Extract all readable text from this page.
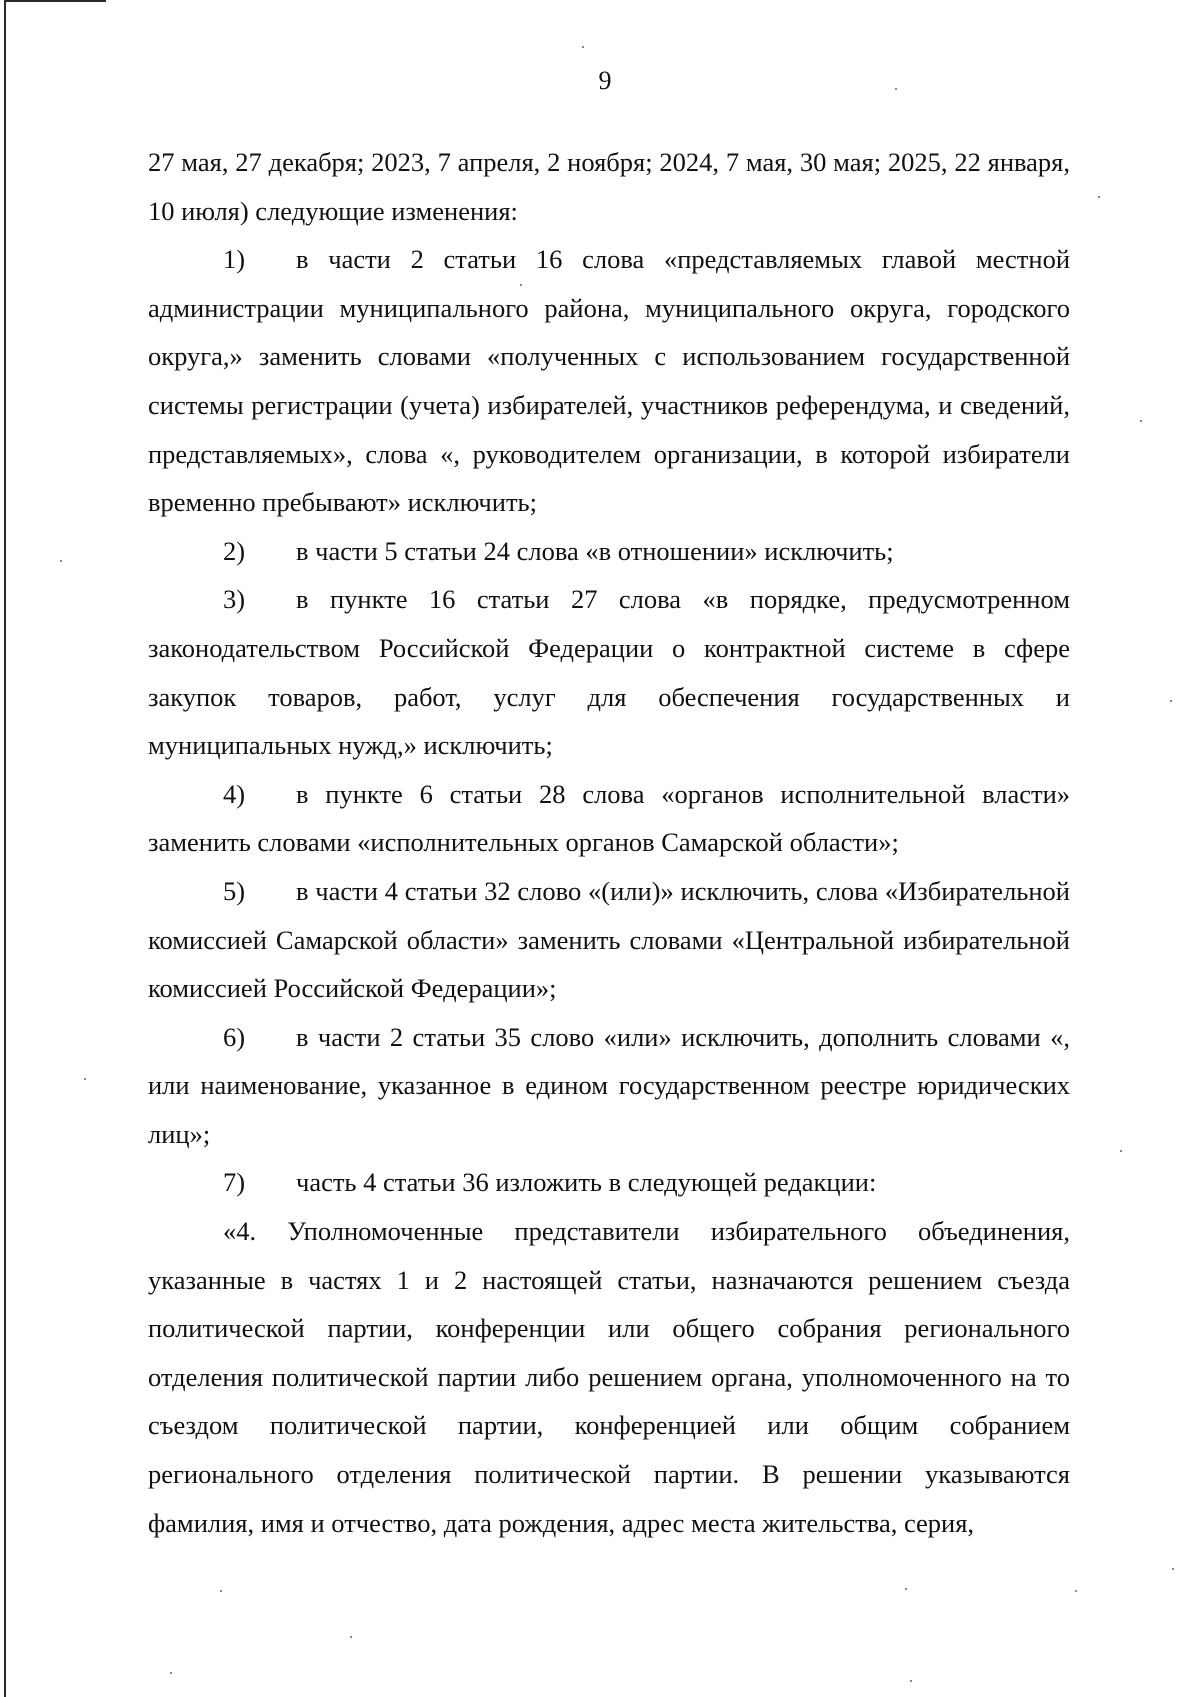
9

27 мая, 27 декабря; 2023, 7 апреля, 2 ноября; 2024, 7 мая, 30 мая; 2025, 22 января, 10 июля) следующие изменения:

1) в части 2 статьи 16 слова «представляемых главой местной администрации муниципального района, муниципального округа, городского округа,» заменить словами «полученных с использованием государственной системы регистрации (учета) избирателей, участников референдума, и сведений, представляемых», слова «, руководителем организации, в которой избиратели временно пребывают» исключить;

2) в части 5 статьи 24 слова «в отношении» исключить;

3) в пункте 16 статьи 27 слова «в порядке, предусмотренном законодательством Российской Федерации о контрактной системе в сфере закупок товаров, работ, услуг для обеспечения государственных и муниципальных нужд,» исключить;

4) в пункте 6 статьи 28 слова «органов исполнительной власти» заменить словами «исполнительных органов Самарской области»;

5) в части 4 статьи 32 слово «(или)» исключить, слова «Избирательной комиссией Самарской области» заменить словами «Центральной избирательной комиссией Российской Федерации»;

6) в части 2 статьи 35 слово «или» исключить, дополнить словами «, или наименование, указанное в едином государственном реестре юридических лиц»;

7) часть 4 статьи 36 изложить в следующей редакции:

«4. Уполномоченные представители избирательного объединения, указанные в частях 1 и 2 настоящей статьи, назначаются решением съезда политической партии, конференции или общего собрания регионального отделения политической партии либо решением органа, уполномоченного на то съездом политической партии, конференцией или общим собранием регионального отделения политической партии. В решении указываются фамилия, имя и отчество, дата рождения, адрес места жительства, серия,
